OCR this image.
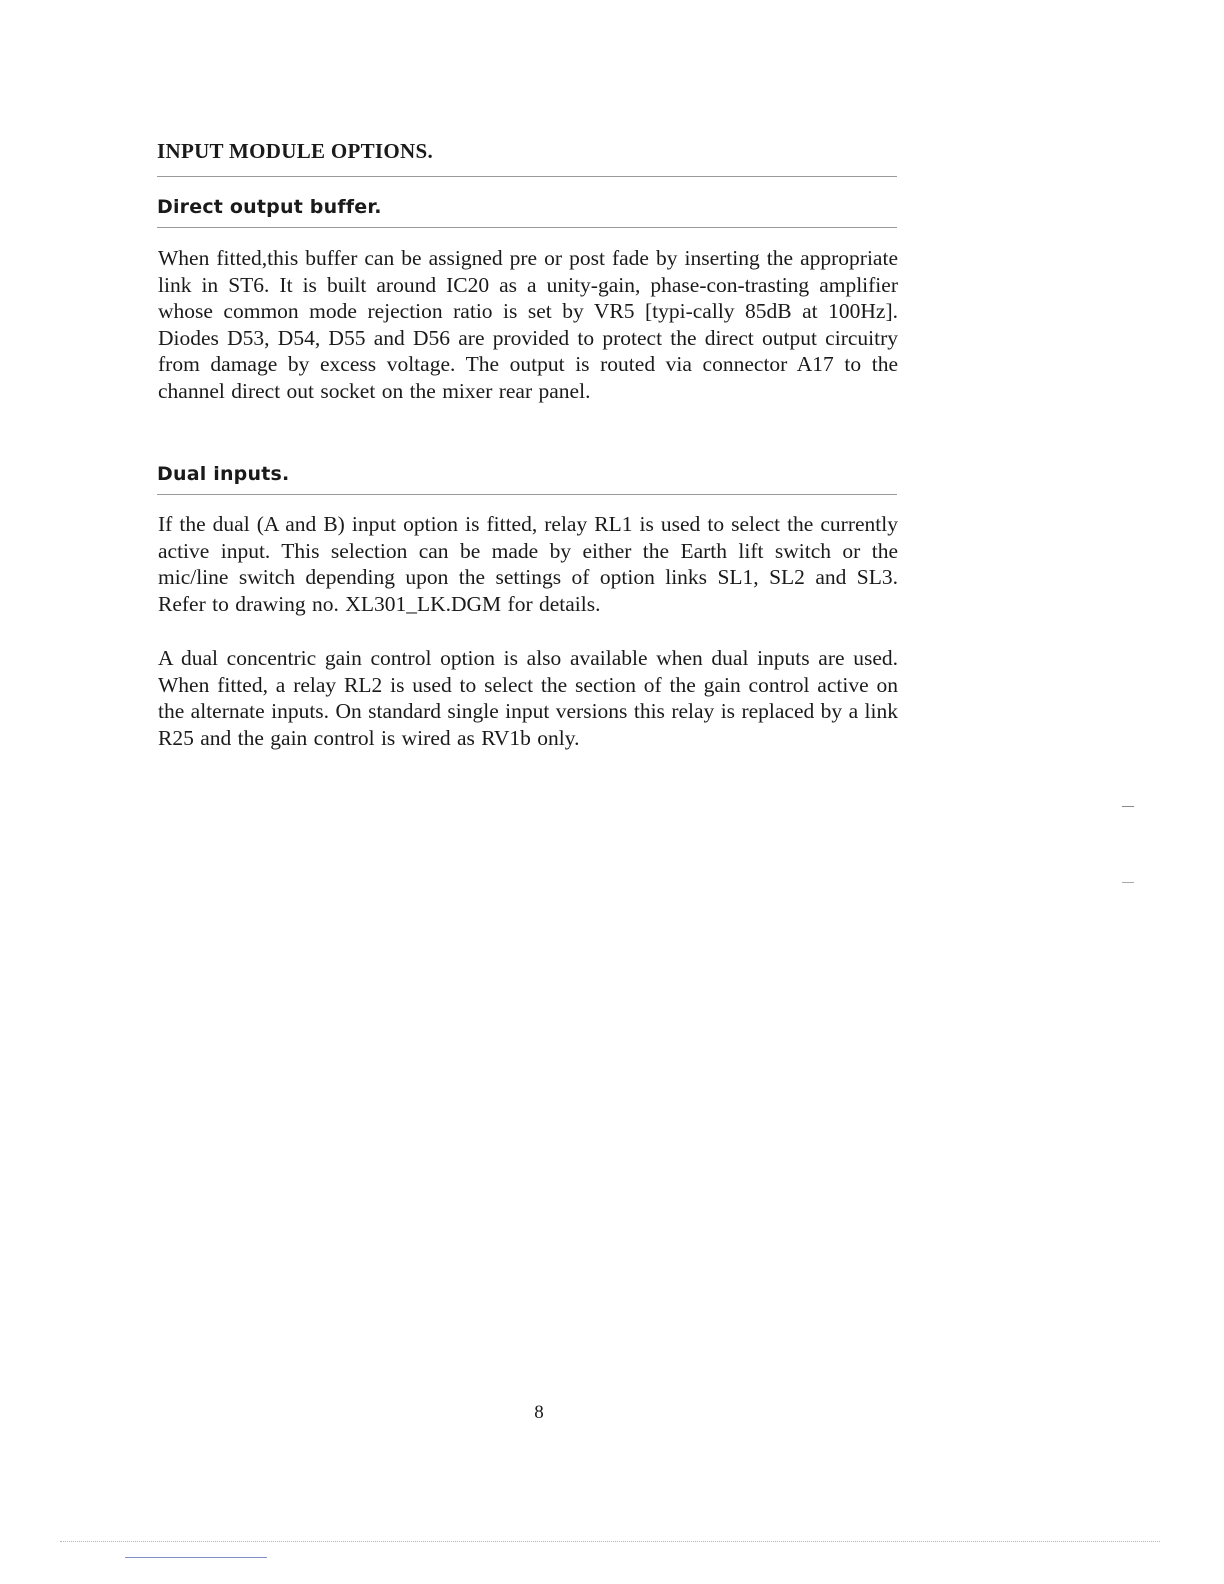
INPUT MODULE OPTIONS.
Direct output buffer.

When fitted,this buffer can be assigned pre or post fade by inserting the appropriate link in ST6. It is built around IC20 as a unity-gain, phase-con-trasting amplifier whose common mode rejection ratio is set by VR5 [typi-cally 85dB at 100Hz]. Diodes D53, D54, D55 and D56 are provided to protect the direct output circuitry from damage by excess voltage. The output is routed via connector A17 to the channel direct out socket on the mixer rear panel.

Dual inputs.

If the dual (A and B) input option is fitted, relay RL1 is used to select the currently active input. This selection can be made by either the Earth lift switch or the mic/line switch depending upon the settings of option links SL1, SL2 and SL3. Refer to drawing no. XL301_LK.DGM for details.

A dual concentric gain control option is also available when dual inputs are used. When fitted, a relay RL2 is used to select the section of the gain control active on the alternate inputs. On standard single input versions this relay is replaced by a link R25 and the gain control is wired as RV1b only.

8
